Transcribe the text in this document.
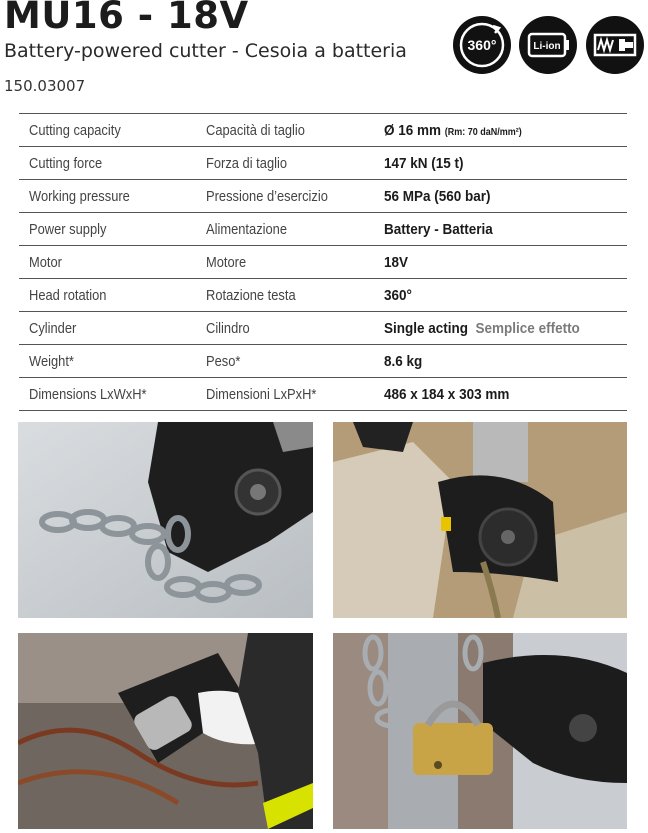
MU16 - 18V
Battery-powered cutter - Cesoia a batteria
150.03007
360°	Li-ion
Cutting capacity	Capacità di taglio	Ø 16 mm (Rm: 70 daN/mm²)
Cutting force	Forza di taglio	147 kN (15 t)
Working pressure	Pressione d’esercizio	56 MPa (560 bar)
Power supply	Alimentazione	Battery - Batteria
Motor	Motore	18V
Head rotation	Rotazione testa	360°
Cylinder	Cilindro	Single acting Semplice effetto
Weight*	Peso*	8.6 kg
Dimensions LxWxH*	Dimensioni LxPxH*	486 x 184 x 303 mm
